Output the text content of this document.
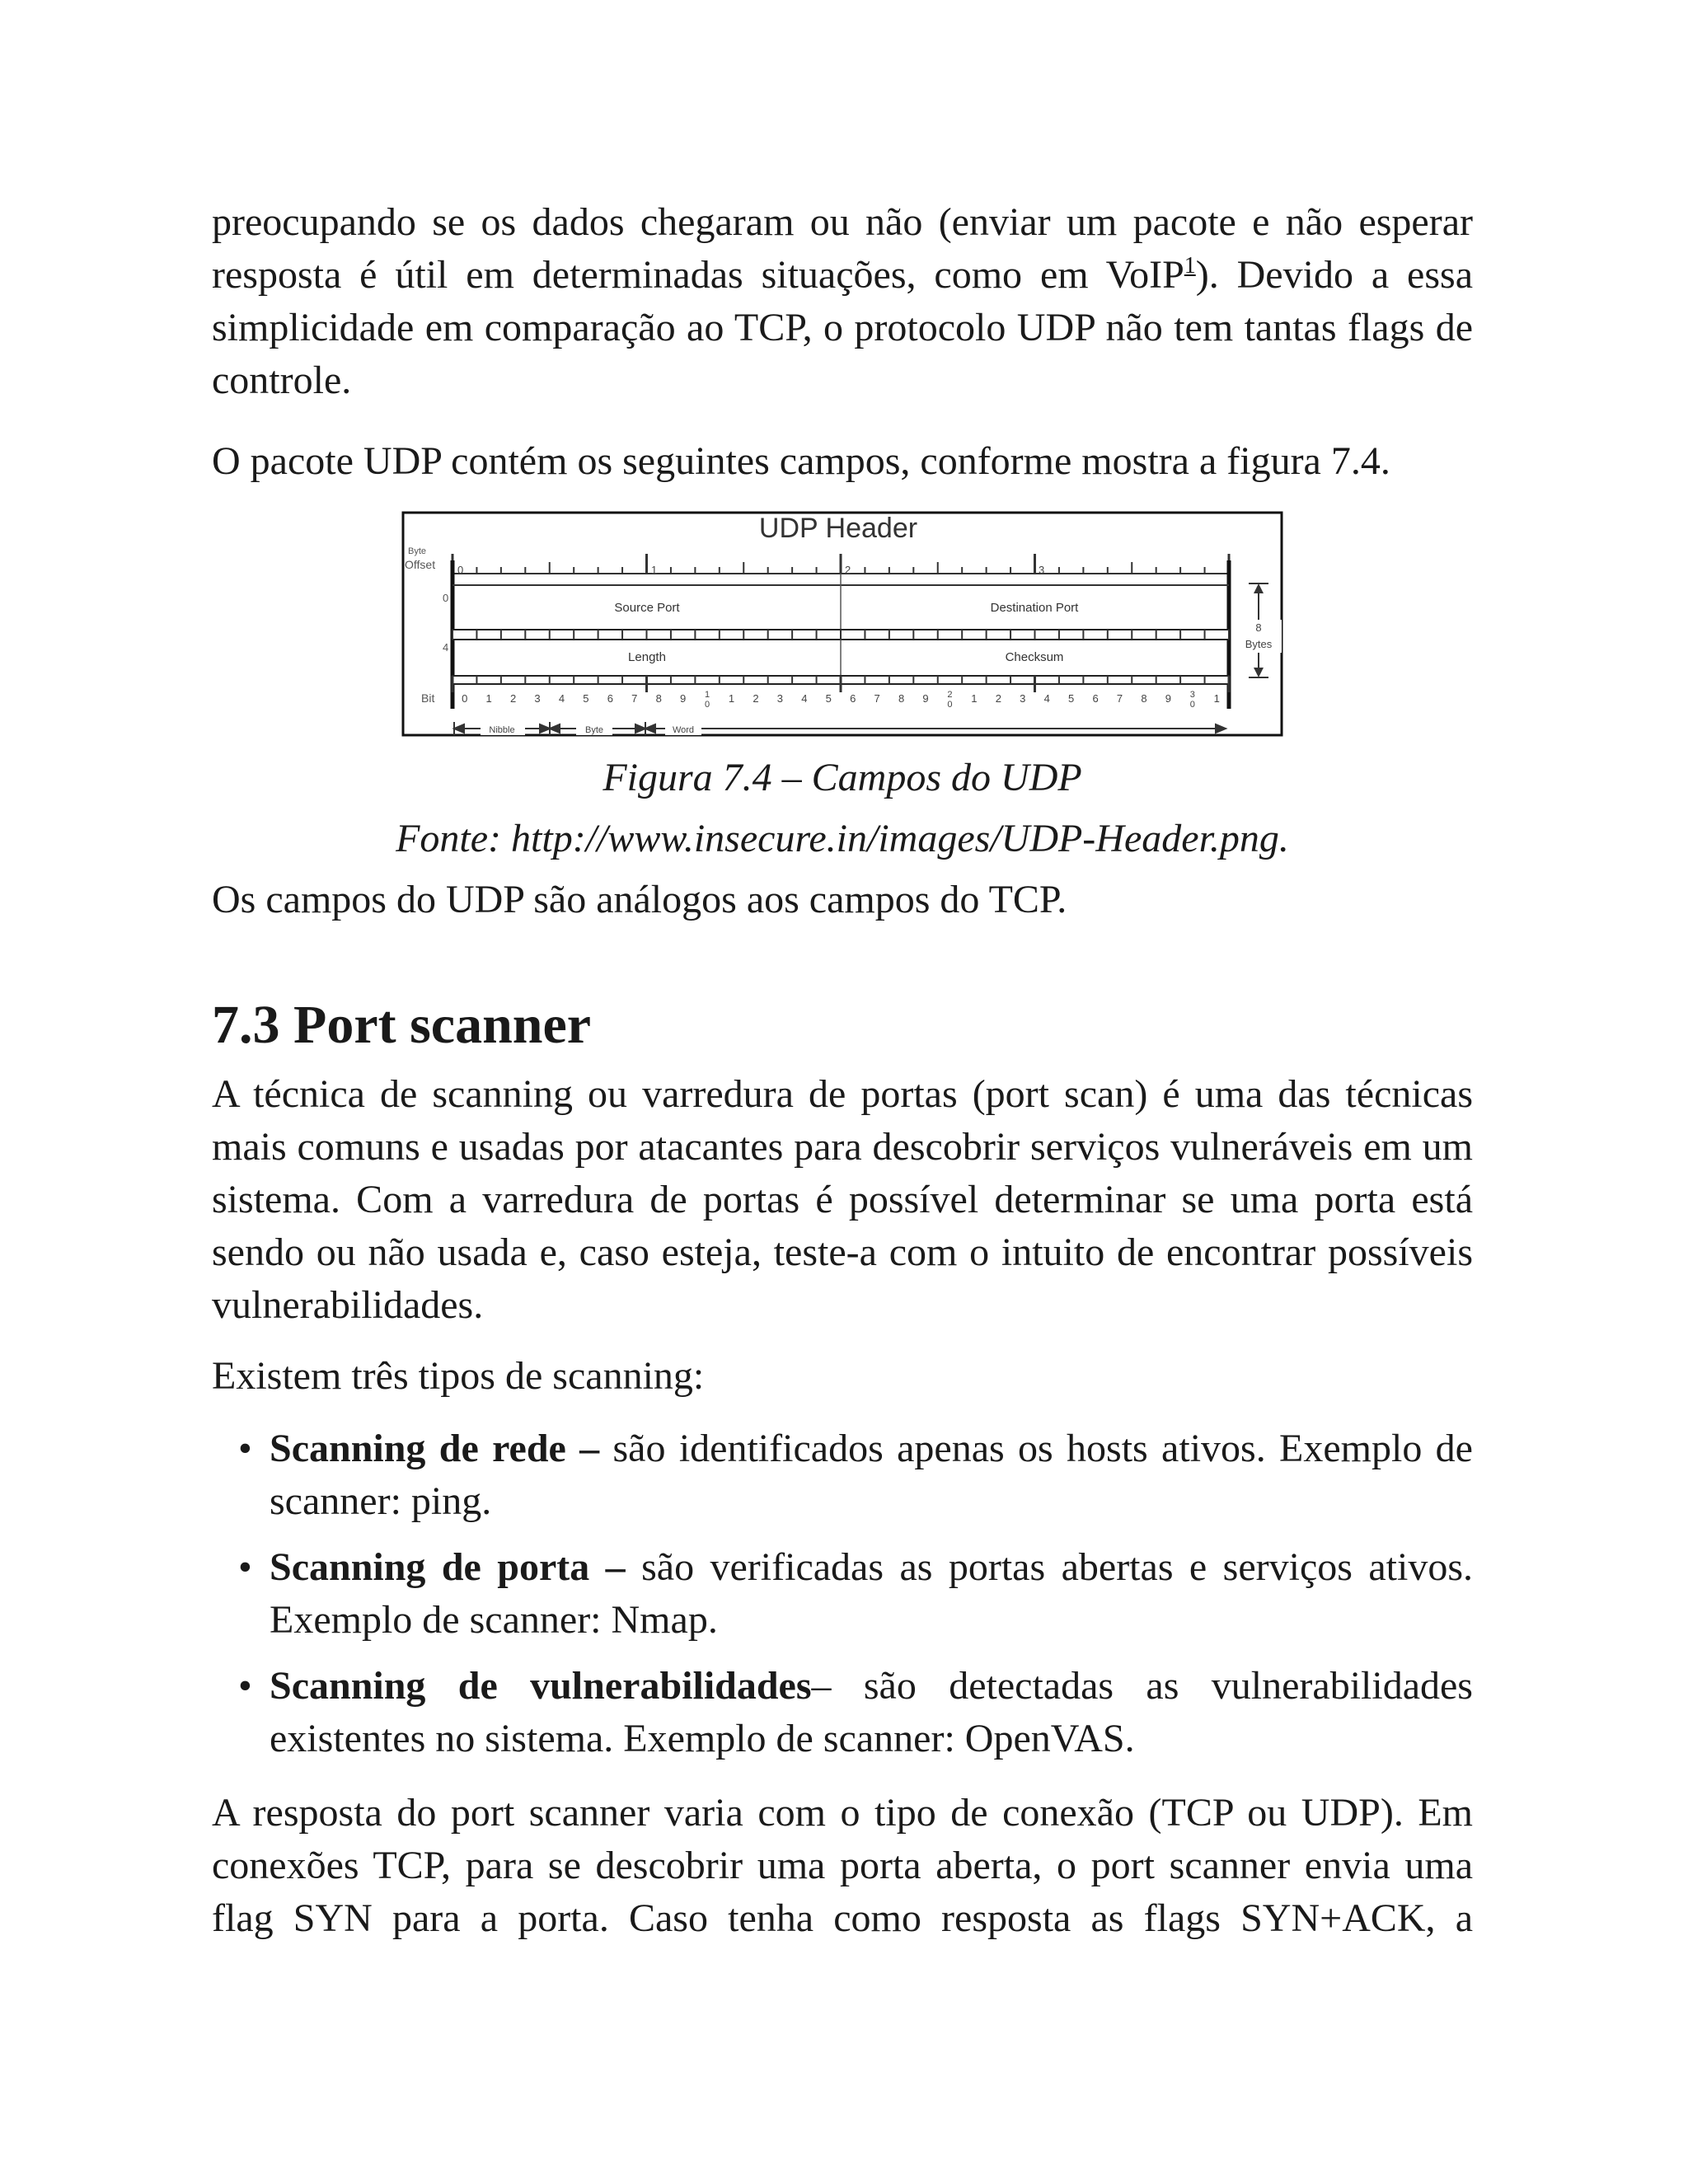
preocupando se os dados chegaram ou não (enviar um pacote e não esperar resposta é útil em determinadas situações, como em VoIP$^1$). Devido a essa simplicidade em comparação ao TCP, o protocolo UDP não tem tantas flags de controle.

O pacote UDP contém os seguintes campos, conforme mostra a figura 7.4.

UDP Header
Byte
Offset
0
4
Bit
0	1	2	3
Source Port	Destination Port
Length	Checksum
0 1 2 3 4 5 6 7 8 9 1
0 1 2 3 4 5 6 7 8 9 2
0 1 2 3 4 5 6 7 8 9 3
0 1
8
Bytes
Nibble	Byte	Word

Figura 7.4 – Campos do UDP

Fonte: http://www.insecure.in/images/UDP-Header.png.

Os campos do UDP são análogos aos campos do TCP.

7.3 Port scanner

A técnica de scanning ou varredura de portas (port scan) é uma das técnicas mais comuns e usadas por atacantes para descobrir serviços vulneráveis em um sistema. Com a varredura de portas é possível determinar se uma porta está sendo ou não usada e, caso esteja, teste-a com o intuito de encontrar possíveis vulnerabilidades.

Existem três tipos de scanning:

• Scanning de rede – são identificados apenas os hosts ativos. Exemplo de scanner: ping.
• Scanning de porta – são verificadas as portas abertas e serviços ativos. Exemplo de scanner: Nmap.
• Scanning de vulnerabilidades– são detectadas as vulnerabilidades existentes no sistema. Exemplo de scanner: OpenVAS.

A resposta do port scanner varia com o tipo de conexão (TCP ou UDP). Em conexões TCP, para se descobrir uma porta aberta, o port scanner envia uma flag SYN para a porta. Caso tenha como resposta as flags SYN+ACK, a
